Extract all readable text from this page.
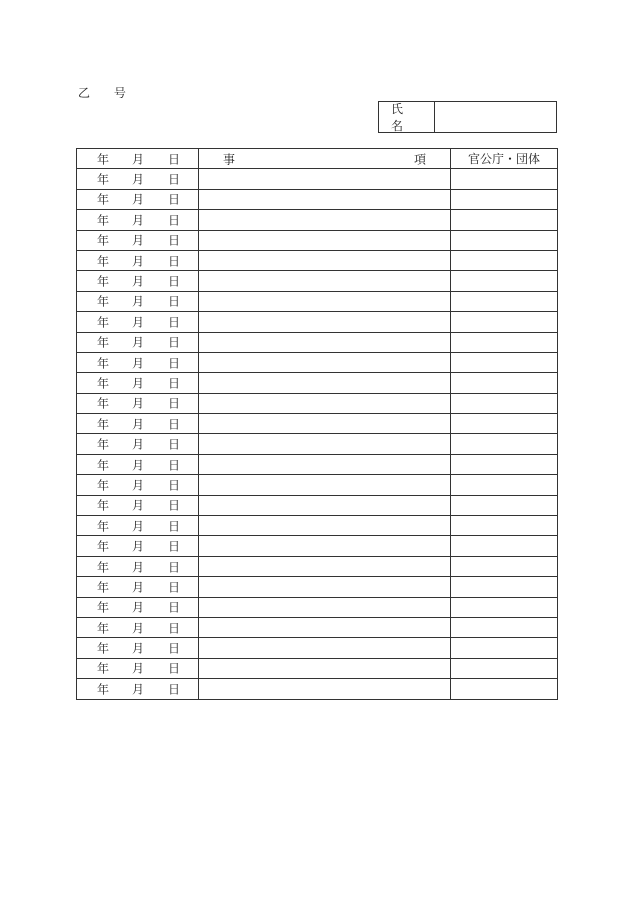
乙 号
氏 名
年 月 日	事 項	官公庁・団体

年 月 日		

年 月 日		

年 月 日		

年 月 日		

年 月 日		

年 月 日		

年 月 日		

年 月 日		

年 月 日		

年 月 日		

年 月 日		

年 月 日		

年 月 日		

年 月 日		

年 月 日		

年 月 日		

年 月 日		

年 月 日		

年 月 日		

年 月 日		

年 月 日		

年 月 日		

年 月 日		

年 月 日		

年 月 日		

年 月 日		
